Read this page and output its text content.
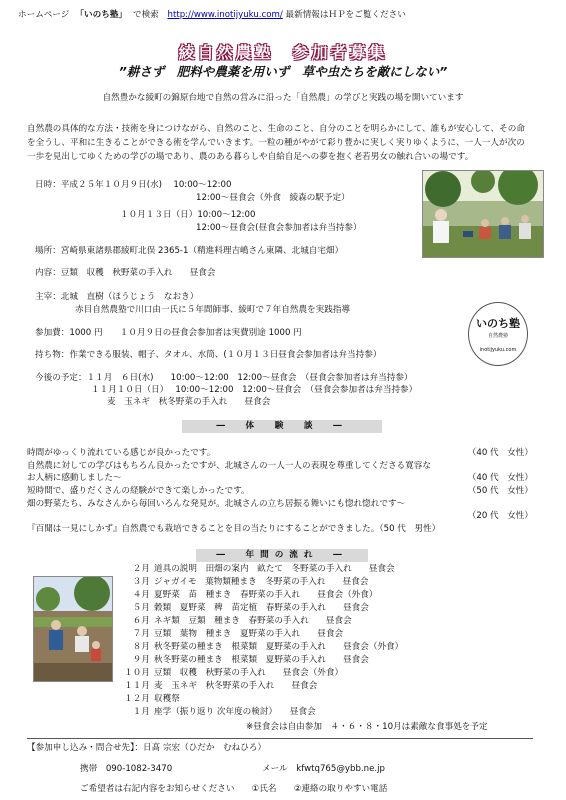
ホームページ 「いのち塾」 で検索 http://www.inotijyuku.com/ 最新情報はＨＰをご覧ください
綾自然農塾　参加者募集
”耕さず　肥料や農薬を用いず　草や虫たちを敵にしない”
自然豊かな綾町の錦原台地で自然の営みに沿った「自然農」の学びと実践の場を開いています
自然農の具体的な方法・技術を身につけながら、自然のこと、生命のこと、自分のことを明らかにして、誰もが安心して、その命を全うし、平和に生きることができる術を学んでいきます。一粒の種がやがて彩り豊かに実しく実りゆくように、一人一人が次の一歩を見出してゆくための学びの場であり、農のある暮らしや自給自足への夢を抱く老若男女の触れ合いの場です。
日時：平成２５年１０月９日(水)　 10:00～12:00
12:00～昼食会（外食　綾森の駅予定）
１０月１３日（日）10:00～12:00
12:00～昼食会(昼食会参加者は弁当持参）
場所：宮崎県東諸県郡綾町北俣 2365-1（精進料理吉嶋さん東隣、北城自宅畑）
内容：豆類　収穫　秋野菜の手入れ　　昼食会
主宰：北城　直樹（ほうじょう　なおき）
赤目自然農塾で川口由一氏に５年間師事、綾町で７年自然農を実践指導
参加費：1000 円　　１０月９日の昼食会参加者は実費別途 1000 円
持ち物：作業できる服装、帽子、タオル、水筒、(１０月１３日昼食会参加者は弁当持参）
今後の予定：１１月　６日(水)　　10:00～12:00　12:00～昼食会　（昼食会参加者は弁当持参）
１１月１０日（日）　 10:00～12:00　12:00～昼食会　（昼食会参加者は弁当持参）
麦　玉ネギ　秋冬野菜の手入れ　　昼食会
いのち塾
自然農塾
inotijyuku.com
―　体　験　談　―
時間がゆっくり流れている感じが良かったです。	（40 代　女性）
自然農に対しての学びはもちろん良かったですが、北城さんの一人一人の表現を尊重してくださる寛容な
お人柄に感動しました～	（40 代　女性）
短時間で、盛りだくさんの経験ができて楽しかったです。	（50 代　女性）
畑の野菜たち、みなさんから毎回いろんな発見が。北城さんの立ち居振る舞いにも惚れ惚れです～
（20 代　女性）
『百聞は一見にしかず』自然農でも栽培できることを目の当たりにすることができました。（50 代　男性）
―　年間の流れ　―
２月	道具の説明　田畑の案内　畝たて　冬野菜の手入れ　　昼食会
３月	ジャガイモ　葉物類種まき　冬野菜の手入れ　　昼食会
４月	夏野菜　苗　種まき　春野菜の手入れ　　昼食会（外食）
５月	穀類　夏野菜　稗　苗定植　春野菜の手入れ　　昼食会
６月	ネギ類　豆類　種まき　春野菜の手入れ　　昼食会
７月	豆類　葉物　種まき　夏野菜の手入れ　　昼食会
８月	秋冬野菜の種まき　根菜類　夏野菜の手入れ　　昼食会（外食）
９月	秋冬野菜の種まき　根菜類　夏野菜の手入れ　　昼食会
１０月	豆類　収穫　秋野菜の手入れ　　昼食会（外食）
１１月	麦　玉ネギ　秋冬野菜の手入れ　　昼食会
１２月	収穫祭
１月	座学（振り返り 次年度の検討）　　昼食会
※昼食会は自由参加　４・６・８・10月は素敵な食事処を予定
【参加申し込み・問合せ先】：日髙 宗宏（ひだか　むねひろ）
携帯　 090-1082-3470	メール　 kfwtq765@ybb.ne.jp
ご希望者は右記内容をお知らせください　　①氏名　　②連絡の取りやすい電話
